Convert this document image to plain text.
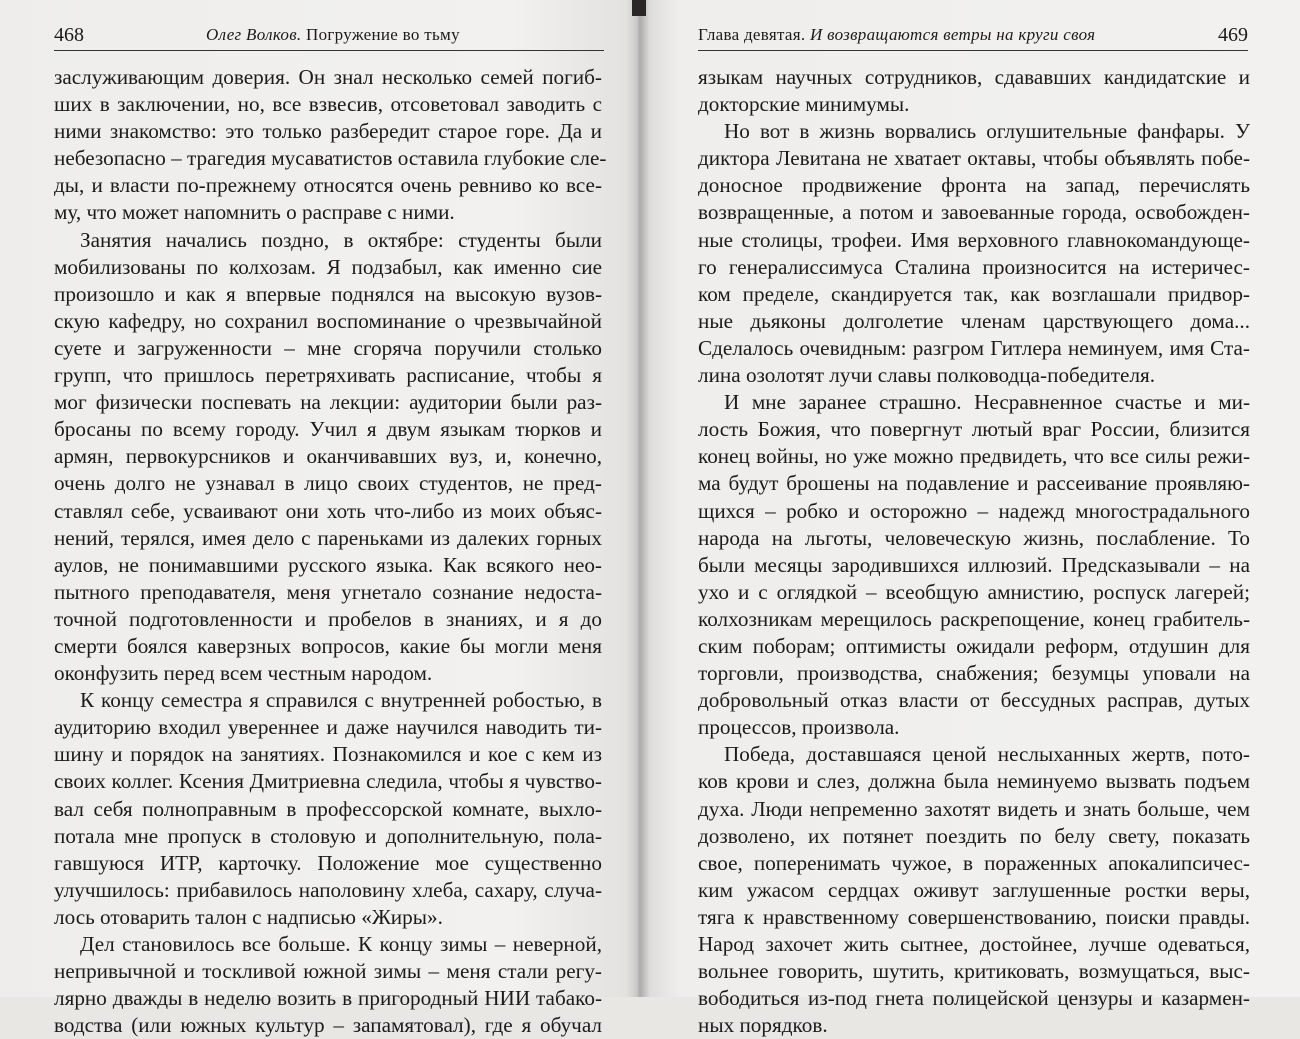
468	Олег Волков. Погружение во тьму
заслуживающим доверия. Он знал несколько семей погиб-
ших в заключении, но, все взвесив, отсоветовал заводить с
ними знакомство: это только разбередит старое горе. Да и
небезопасно – трагедия мусаватистов оставила глубокие сле-
ды, и власти по-прежнему относятся очень ревниво ко все-
му, что может напомнить о расправе с ними.
Занятия начались поздно, в октябре: студенты были
мобилизованы по колхозам. Я подзабыл, как именно сие
произошло и как я впервые поднялся на высокую вузов-
скую кафедру, но сохранил воспоминание о чрезвычайной
суете и загруженности – мне сгоряча поручили столько
групп, что пришлось перетряхивать расписание, чтобы я
мог физически поспевать на лекции: аудитории были раз-
бросаны по всему городу. Учил я двум языкам тюрков и
армян, первокурсников и оканчивавших вуз, и, конечно,
очень долго не узнавал в лицо своих студентов, не пред-
ставлял себе, усваивают они хоть что-либо из моих объяс-
нений, терялся, имея дело с пареньками из далеких горных
аулов, не понимавшими русского языка. Как всякого нео-
пытного преподавателя, меня угнетало сознание недоста-
точной подготовленности и пробелов в знаниях, и я до
смерти боялся каверзных вопросов, какие бы могли меня
оконфузить перед всем честным народом.
К концу семестра я справился с внутренней робостью, в
аудиторию входил увереннее и даже научился наводить ти-
шину и порядок на занятиях. Познакомился и кое с кем из
своих коллег. Ксения Дмитриевна следила, чтобы я чувство-
вал себя полноправным в профессорской комнате, выхло-
потала мне пропуск в столовую и дополнительную, пола-
гавшуюся ИТР, карточку. Положение мое существенно
улучшилось: прибавилось наполовину хлеба, сахару, случа-
лось отоварить талон с надписью «Жиры».
Дел становилось все больше. К концу зимы – неверной,
непривычной и тоскливой южной зимы – меня стали регу-
лярно дважды в неделю возить в пригородный НИИ табако-
водства (или южных культур – запамятовал), где я обучал
Глава девятая. И возвращаются ветры на круги своя	469
языкам научных сотрудников, сдававших кандидатские и
докторские минимумы.
Но вот в жизнь ворвались оглушительные фанфары. У
диктора Левитана не хватает октавы, чтобы объявлять побе-
доносное продвижение фронта на запад, перечислять
возвращенные, а потом и завоеванные города, освобожден-
ные столицы, трофеи. Имя верховного главнокомандующе-
го генералиссимуса Сталина произносится на истеричес-
ком пределе, скандируется так, как возглашали придвор-
ные дьяконы долголетие членам царствующего дома...
Сделалось очевидным: разгром Гитлера неминуем, имя Ста-
лина озолотят лучи славы полководца-победителя.
И мне заранее страшно. Несравненное счастье и ми-
лость Божия, что повергнут лютый враг России, близится
конец войны, но уже можно предвидеть, что все силы режи-
ма будут брошены на подавление и рассеивание проявляю-
щихся – робко и осторожно – надежд многострадального
народа на льготы, человеческую жизнь, послабление. То
были месяцы зародившихся иллюзий. Предсказывали – на
ухо и с оглядкой – всеобщую амнистию, роспуск лагерей;
колхозникам мерещилось раскрепощение, конец грабитель-
ским поборам; оптимисты ожидали реформ, отдушин для
торговли, производства, снабжения; безумцы уповали на
добровольный отказ власти от бессудных расправ, дутых
процессов, произвола.
Победа, доставшаяся ценой неслыханных жертв, пото-
ков крови и слез, должна была неминуемо вызвать подъем
духа. Люди непременно захотят видеть и знать больше, чем
дозволено, их потянет поездить по белу свету, показать
свое, поперенимать чужое, в пораженных апокалипсичес-
ким ужасом сердцах оживут заглушенные ростки веры,
тяга к нравственному совершенствованию, поиски правды.
Народ захочет жить сытнее, достойнее, лучше одеваться,
вольнее говорить, шутить, критиковать, возмущаться, выс-
вободиться из-под гнета полицейской цензуры и казармен-
ных порядков.
